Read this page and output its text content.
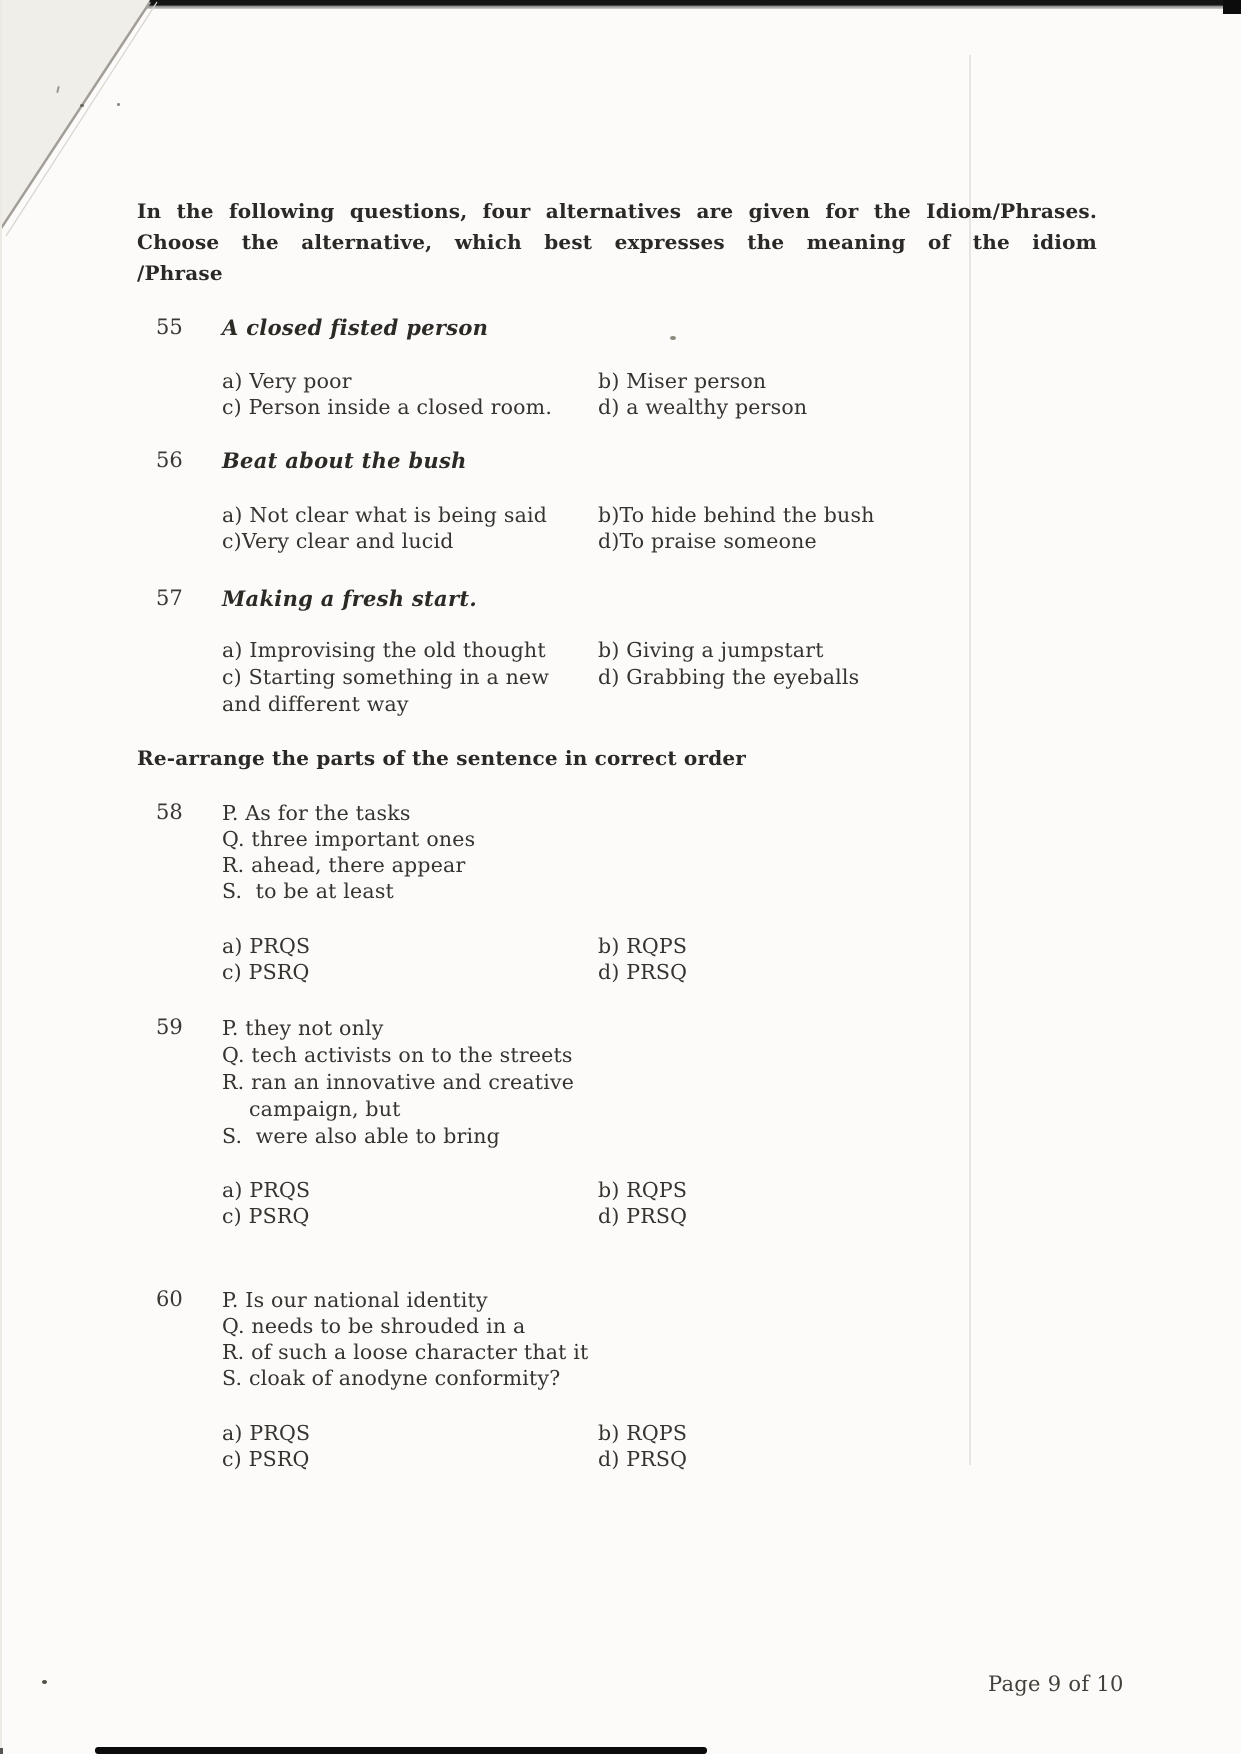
In the following questions, four alternatives are given for the Idiom/Phrases.
Choose the alternative, which best expresses the meaning of the idiom
/Phrase
55 A closed fisted person
a) Very poor	b) Miser person
c) Person inside a closed room.	d) a wealthy person
56 Beat about the bush
a) Not clear what is being said	b)To hide behind the bush
c)Very clear and lucid	d)To praise someone
57 Making a fresh start.
a) Improvising the old thought	b) Giving a jumpstart
c) Starting something in a new and different way
d) Grabbing the eyeballs
Re-arrange the parts of the sentence in correct order
58 P. As for the tasks
Q. three important ones
R. ahead, there appear
S.  to be at least
a) PRQS	b) RQPS
c) PSRQ	d) PRSQ
59 P. they not only
Q. tech activists on to the streets
R. ran an innovative and creative campaign, but
S.  were also able to bring
a) PRQS	b) RQPS
c) PSRQ	d) PRSQ
60 P. Is our national identity
Q. needs to be shrouded in a
R. of such a loose character that it
S. cloak of anodyne conformity?
a) PRQS	b) RQPS
c) PSRQ	d) PRSQ
Page 9 of 10
